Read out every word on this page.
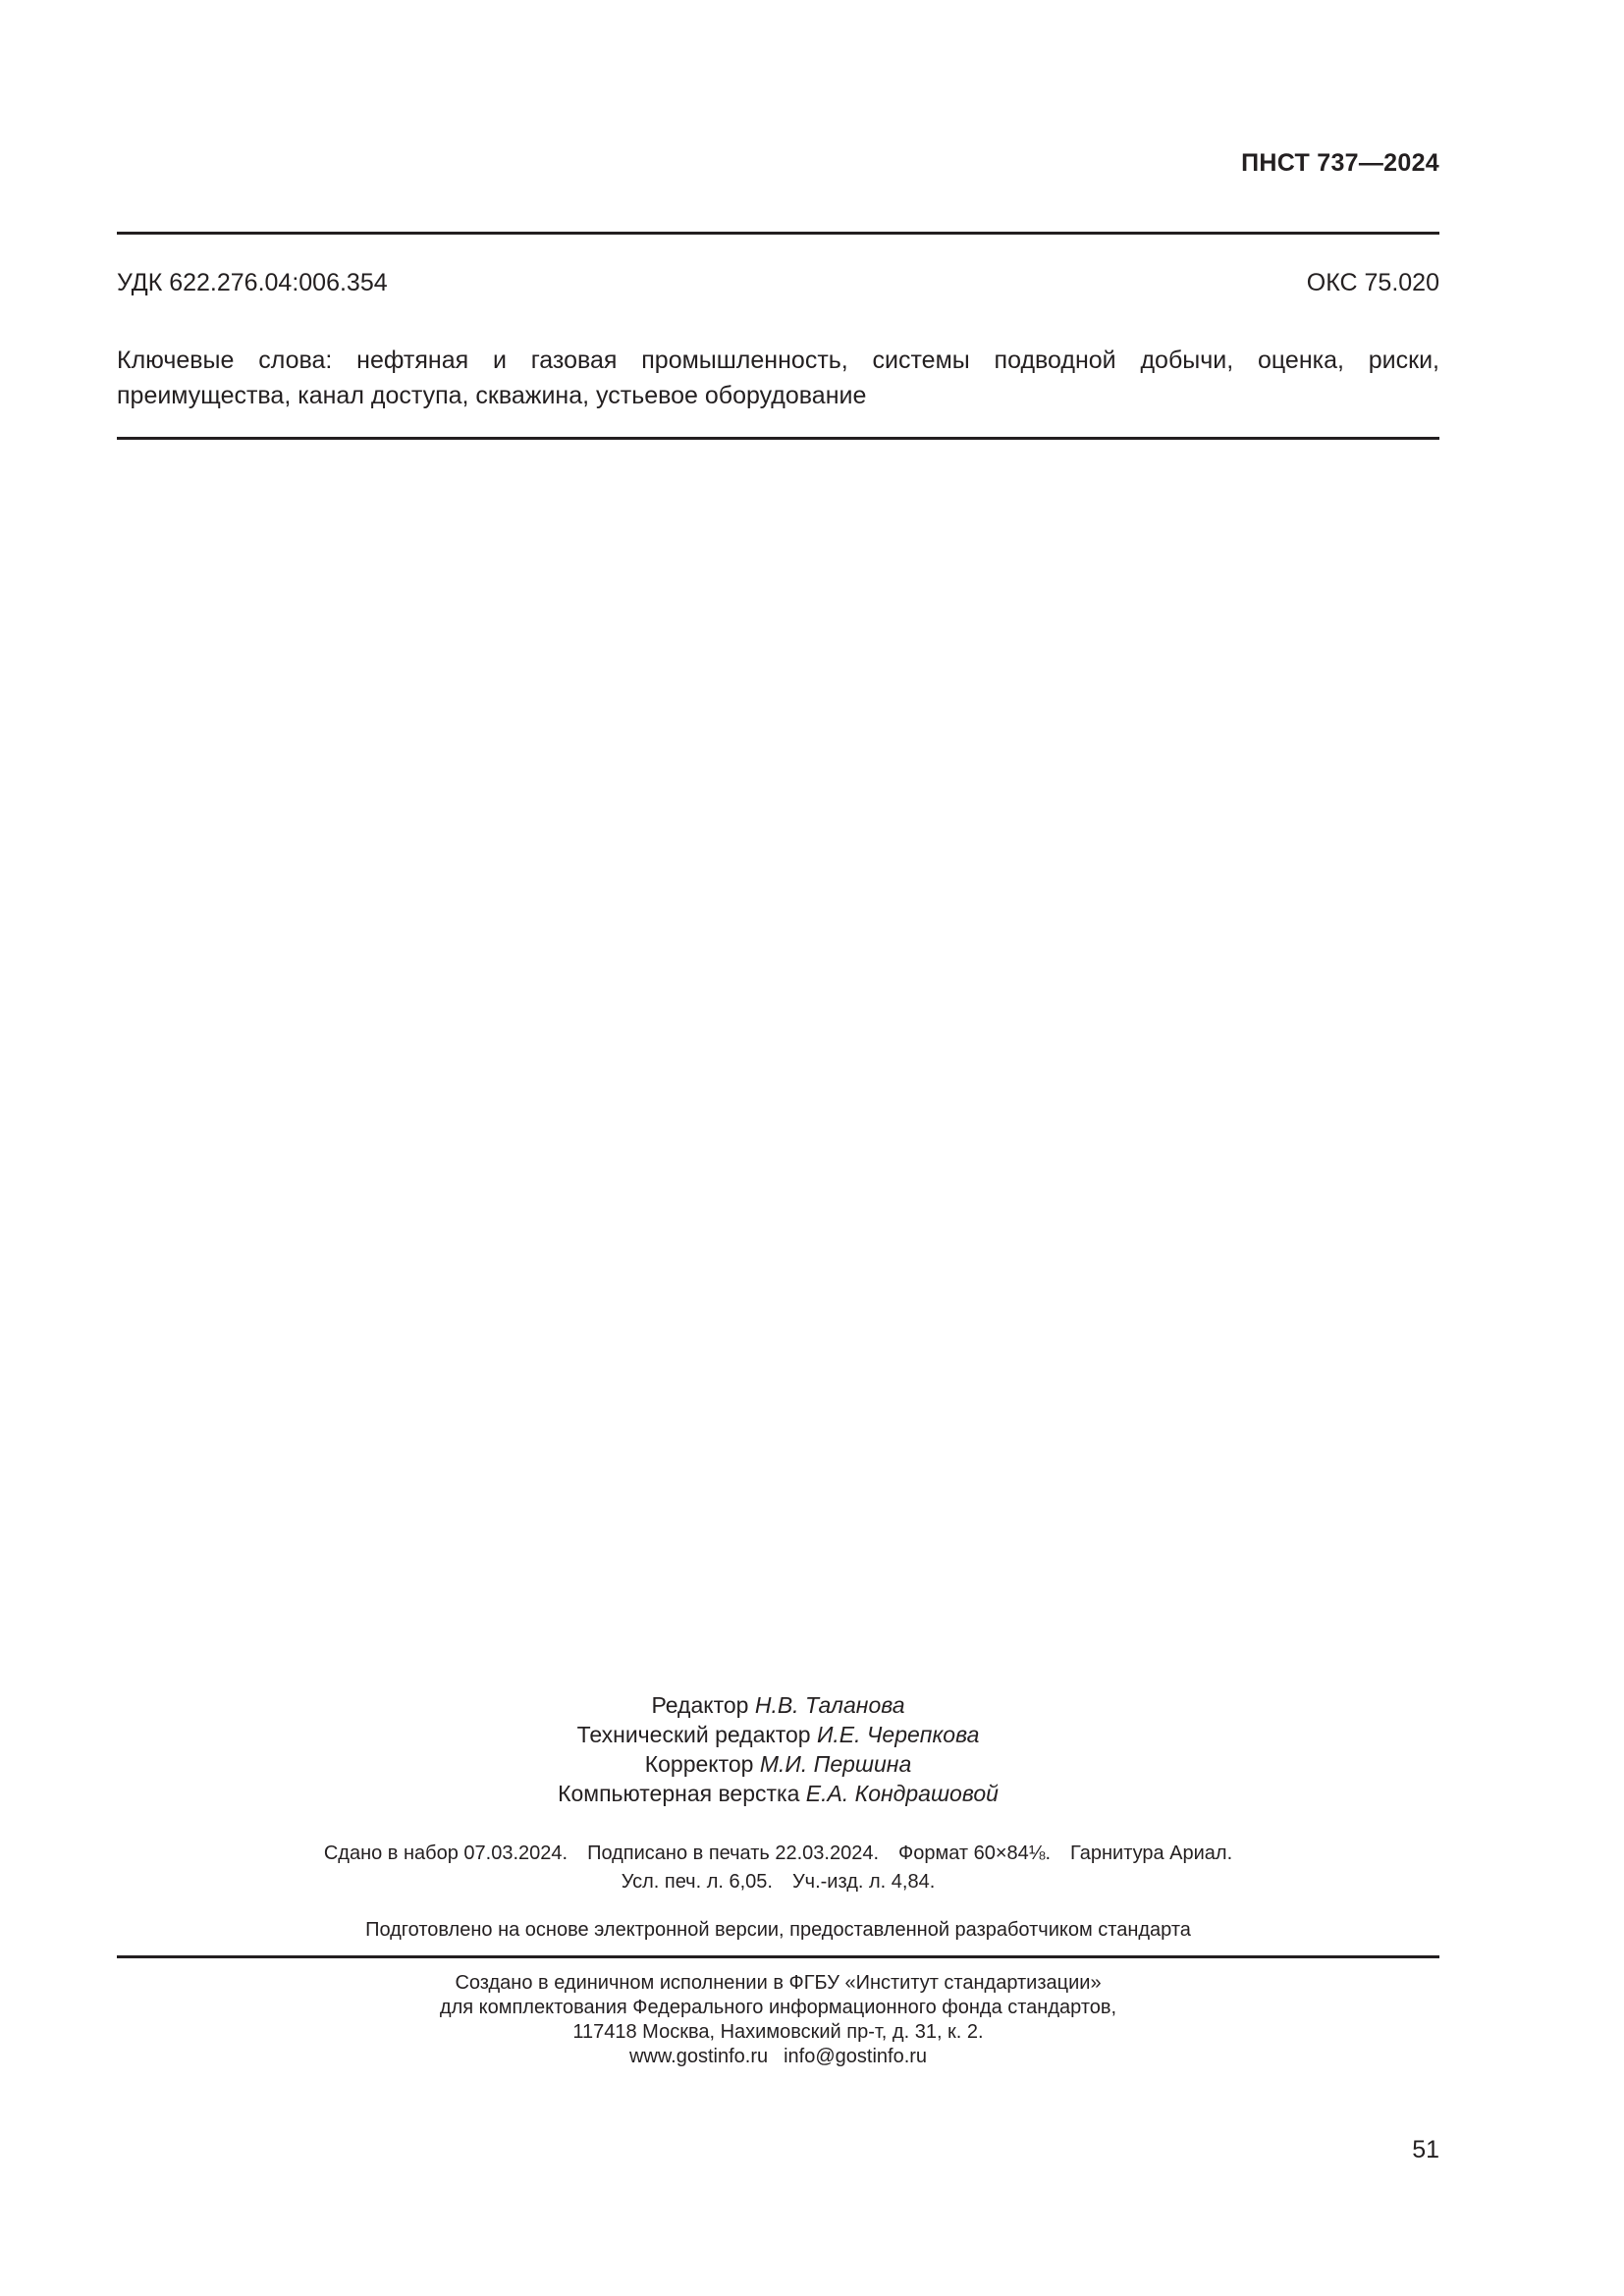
ПНСТ 737—2024
УДК 622.276.04:006.354	ОКС 75.020
Ключевые слова: нефтяная и газовая промышленность, системы подводной добычи, оценка, риски, преимущества, канал доступа, скважина, устьевое оборудование
Редактор Н.В. Таланова
Технический редактор И.Е. Черепкова
Корректор М.И. Першина
Компьютерная верстка Е.А. Кондрашовой
Сдано в набор 07.03.2024. Подписано в печать 22.03.2024. Формат 60×84⅛. Гарнитура Ариал.
Усл. печ. л. 6,05. Уч.-изд. л. 4,84.
Подготовлено на основе электронной версии, предоставленной разработчиком стандарта
Создано в единичном исполнении в ФГБУ «Институт стандартизации»
для комплектования Федерального информационного фонда стандартов,
117418 Москва, Нахимовский пр-т, д. 31, к. 2.
www.gostinfo.ru info@gostinfo.ru
51
